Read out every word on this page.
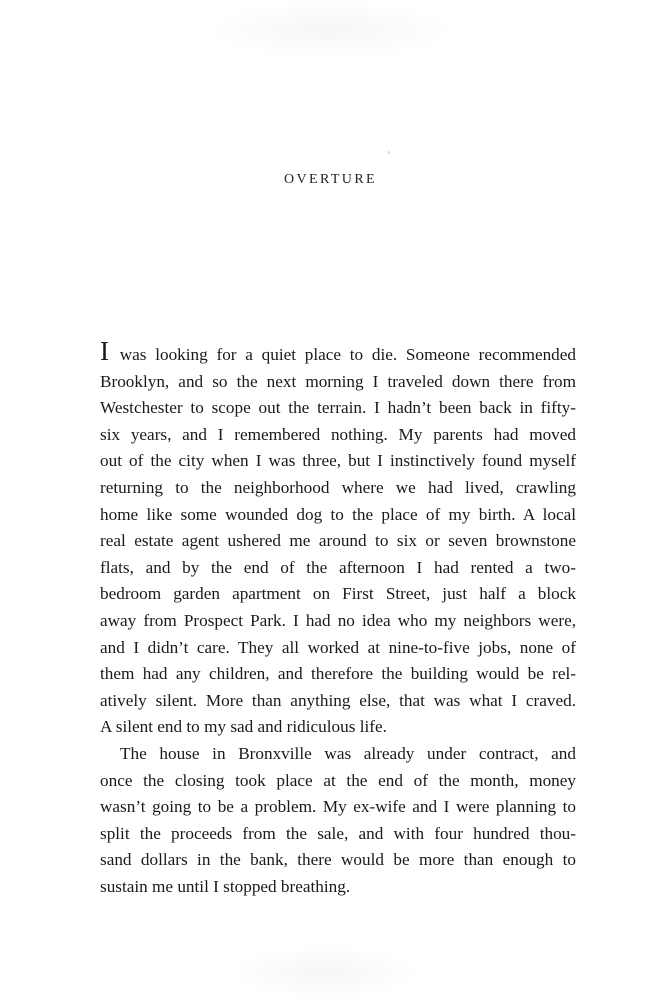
′
OVERTURE
I was looking for a quiet place to die. Someone recommended
Brooklyn, and so the next morning I traveled down there from
Westchester to scope out the terrain. I hadn’t been back in fifty-
six years, and I remembered nothing. My parents had moved
out of the city when I was three, but I instinctively found myself
returning to the neighborhood where we had lived, crawling
home like some wounded dog to the place of my birth. A local
real estate agent ushered me around to six or seven brownstone
flats, and by the end of the afternoon I had rented a two-
bedroom garden apartment on First Street, just half a block
away from Prospect Park. I had no idea who my neighbors were,
and I didn’t care. They all worked at nine-to-five jobs, none of
them had any children, and therefore the building would be rel-
atively silent. More than anything else, that was what I craved.
A silent end to my sad and ridiculous life.
The house in Bronxville was already under contract, and
once the closing took place at the end of the month, money
wasn’t going to be a problem. My ex-wife and I were planning to
split the proceeds from the sale, and with four hundred thou-
sand dollars in the bank, there would be more than enough to
sustain me until I stopped breathing.
